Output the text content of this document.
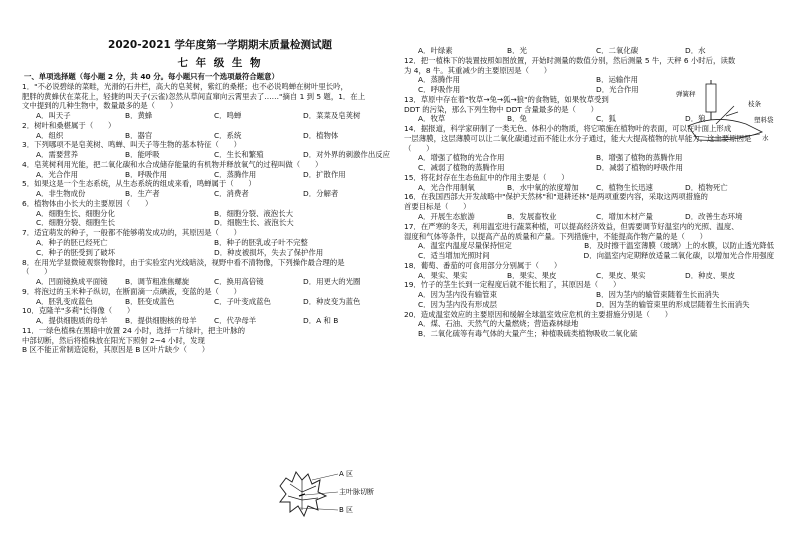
2020-2021 学年度第一学期期末质量检测试题
七 年 级 生 物
一、单项选择题（每小题 2 分，共 40 分。每小题只有一个选项最符合题意）
1．"不必说碧绿的菜畦，光滑的石井栏，高大的皂荚树，紫红的桑椹；也不必说鸣蝉在树叶里长吟，
肥胖的黄蜂伏在菜花上，轻捷的叫天子(云雀)忽然从草间直窜向云霄里去了……"摘自 1 到 5 题，1．在上
文中提到的几种生物中，数量最多的是（　　）
A．叫天子	B．黄蜂	C．鸣蝉	D．菜菜及皂荚树
2．树叶和桑椹属于（　　）
A．组织	B．器官	C．系统	D．植物体
3．下列哪项不是皂荚树、鸣蝉、叫天子等生物的基本特征（　　）
A．需要营养	B．能呼吸	C．生长和繁殖	D．对外界的刺激作出反应
4．皂荚树利用光能，把二氧化碳和水合成储存能量的有机物并释放氧气的过程叫做（　　）
A．光合作用	B．呼吸作用	C．蒸腾作用	D．扩散作用
5．如果这是一个生态系统，从生态系统的组成来看，鸣蝉属于（　　）
A．非生物成份	B．生产者	C．消费者	D．分解者
6．植物体由小长大的主要原因（　　）
A．细胞生长、细胞分化	B．细胞分裂、液泡长大
C．细胞分裂、细胞生长	D．细胞生长、液泡长大
7．适宜萌发的种子，一般都不能够萌发成功的，其原因是（　　）
A．种子的胚已经死亡	B．种子的胚乳或子叶不完整
C．种子的胚受到了破坏	D．种皮被损坏，失去了保护作用
8．在用光学显微镜观察物像时，由于实验室内光线暗淡，视野中看不清物像，下列操作最合理的是
（　　）
A．凹面镜换成平面镜	B．调节粗准焦螺旋	C．换用高倍镜	D．用更大的光圈
9．将泡过的玉米种子纵切，在断面滴一点碘液，变蓝的是（　　）
A．胚乳变成蓝色	B．胚变成蓝色	C．子叶变成蓝色	D．种皮变为蓝色
10．克隆羊"多莉"长得像（　　）
A．提供细胞质的母羊	B．提供细胞核的母羊	C．代孕母羊	D．A 和 B
11．一绿色植株在黑暗中放置 24 小时，选择一片绿叶，把主叶脉的
中部切断，然后将植株放在阳光下照射 2~4 小时，发现
B 区不能正常制造淀粉，其原因是 B 区叶片缺少（　　）
A 区
主叶脉切断
B 区
A．叶绿素	B．光	C．二氧化碳	D．水
12．把一植株下的装置按照如图放置，开始时测量的数值分别，然后测量 5 牛，天秤 6 小时后，读数
为 4，8 牛。其重减少的主要原因是（　　）
A．蒸腾作用	B．运输作用
C．呼吸作用	D．光合作用
13．草原中存在着"牧草→兔→狐→狼"的食物链，如果牧草受到
DDT 的污染，那么下列生物中 DDT 含量最多的是（　　）
A．牧草	B．兔	C．狐	D．狼
14．据报道，科学家研制了一类无色、体积小的物质，将它喷施在植物叶的表面，可以在叶面上形成
一层薄膜，这层薄膜可以让二氧化碳通过而不能让水分子通过，能大大提高植物的抗旱能力。这主要原因是
（　　）
A．增强了植物的光合作用	B．增强了植物的蒸腾作用
C．减弱了植物的蒸腾作用	D．减弱了植物的呼吸作用
15．将花封存在生态鱼缸中的作用主要是（　　）
A．光合作用制氧	B．水中氧的浓度增加	C．植物生长迅速	D．植物死亡
16．在我国西部大开发战略中"保护天然林"和"退耕还林"是两项重要内容，采取这两项措施的
首要目标是（　　）
A．开展生态旅游	B．发展畜牧业	C．增加木材产量	D．改善生态环境
17．在严寒的冬天，利用温室进行蔬菜种植，可以提高经济效益，但需要调节好温室内的光照、温度、
湿度和气体等条件，以提高产品的质量和产量。下列措施中，不能提高作物产量的是（　　）
A．温室内温度尽量保持恒定	B．及时擦干温室薄膜（玻璃）上的水膜，以防止透光降低
C．适当增加光照时间	D．向温室内定期释放适量二氧化碳，以增加光合作用强度
18．葡萄、番茄的可食用部分分别属于（　　）
A．果实、果实	B．果实、果皮	C．果皮、果实	D．种皮、果皮
19．竹子的茎生长到一定程度后就不能长粗了，其原因是（　　）
A．因为茎内没有输管束	B．因为茎内的输管束随着生长而消失
C．因为茎内没有形成层	D．因为茎的输管束里的形成层随着生长而消失
20．造成温室效应的主要原因和缓解全球温室效应危机的主要措施分别是（　　）
A．煤、石油、天然气的大量燃烧；营造森林绿地
B．二氧化硫等有毒气体的大量产生；种植吸硫类植物吸收二氧化硫
弹簧秤
枝条
塑料袋
水
